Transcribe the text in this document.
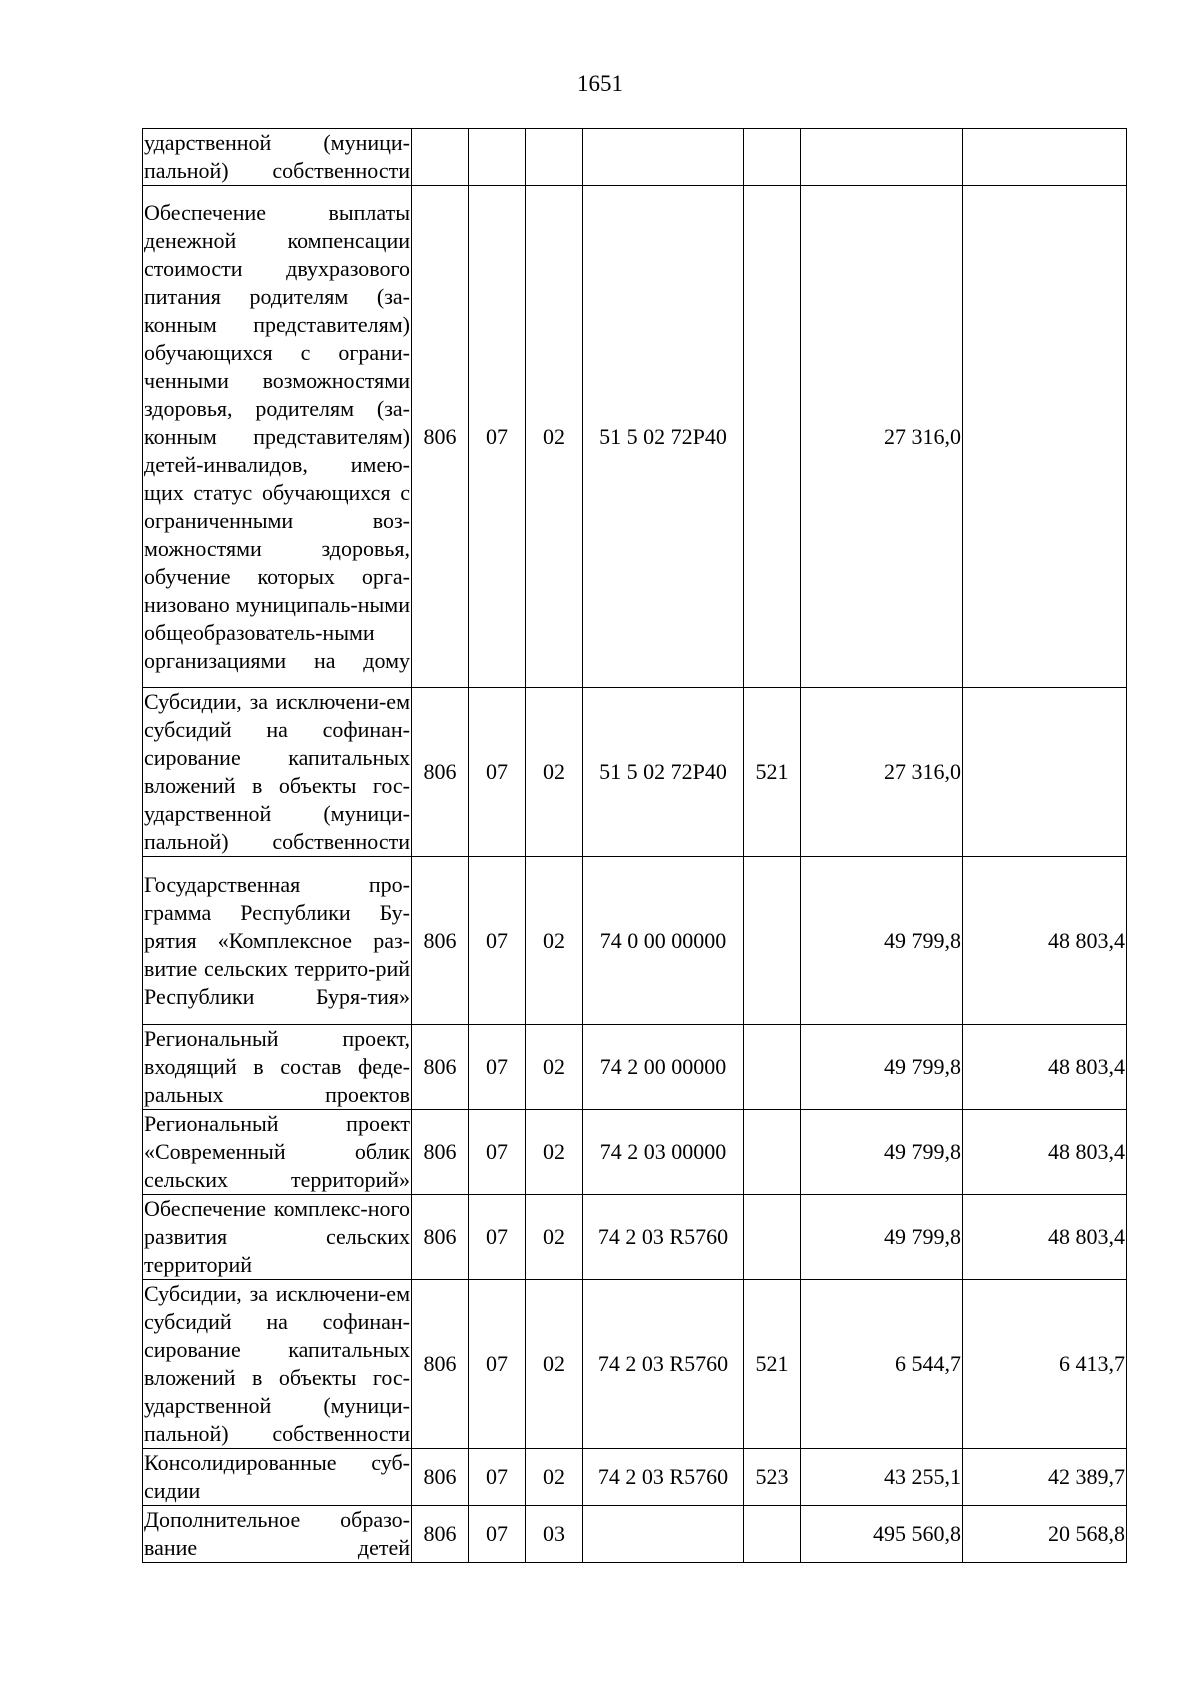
1651
ударственной (муници-пальной) собственности							
Обеспечение выплаты денежной компенсации стоимости двухразового питания родителям (за-конным представителям) обучающихся с ограни-ченными возможностями здоровья, родителям (за-конным представителям) детей-инвалидов, имею-щих статус обучающихся с ограниченными воз-можностями здоровья, обучение которых орга-низовано муниципаль-ными общеобразователь-ными организациями на дому	806	07	02	51 5 02 72Р40		27 316,0	
Субсидии, за исключени-ем субсидий на софинан-сирование капитальных вложений в объекты гос-ударственной (муници-пальной) собственности	806	07	02	51 5 02 72Р40	521	27 316,0	
Государственная про-грамма Республики Бу-рятия «Комплексное раз-витие сельских террито-рий Республики Буря-тия»	806	07	02	74 0 00 00000		49 799,8	48 803,4
Региональный проект, входящий в состав феде-ральных проектов	806	07	02	74 2 00 00000		49 799,8	48 803,4
Региональный проект «Современный облик сельских территорий»	806	07	02	74 2 03 00000		49 799,8	48 803,4
Обеспечение комплекс-ного развития сельских территорий	806	07	02	74 2 03 R5760		49 799,8	48 803,4
Субсидии, за исключени-ем субсидий на софинан-сирование капитальных вложений в объекты гос-ударственной (муници-пальной) собственности	806	07	02	74 2 03 R5760	521	6 544,7	6 413,7
Консолидированные суб-сидии	806	07	02	74 2 03 R5760	523	43 255,1	42 389,7
Дополнительное образо-вание детей	806	07	03			495 560,8	20 568,8
